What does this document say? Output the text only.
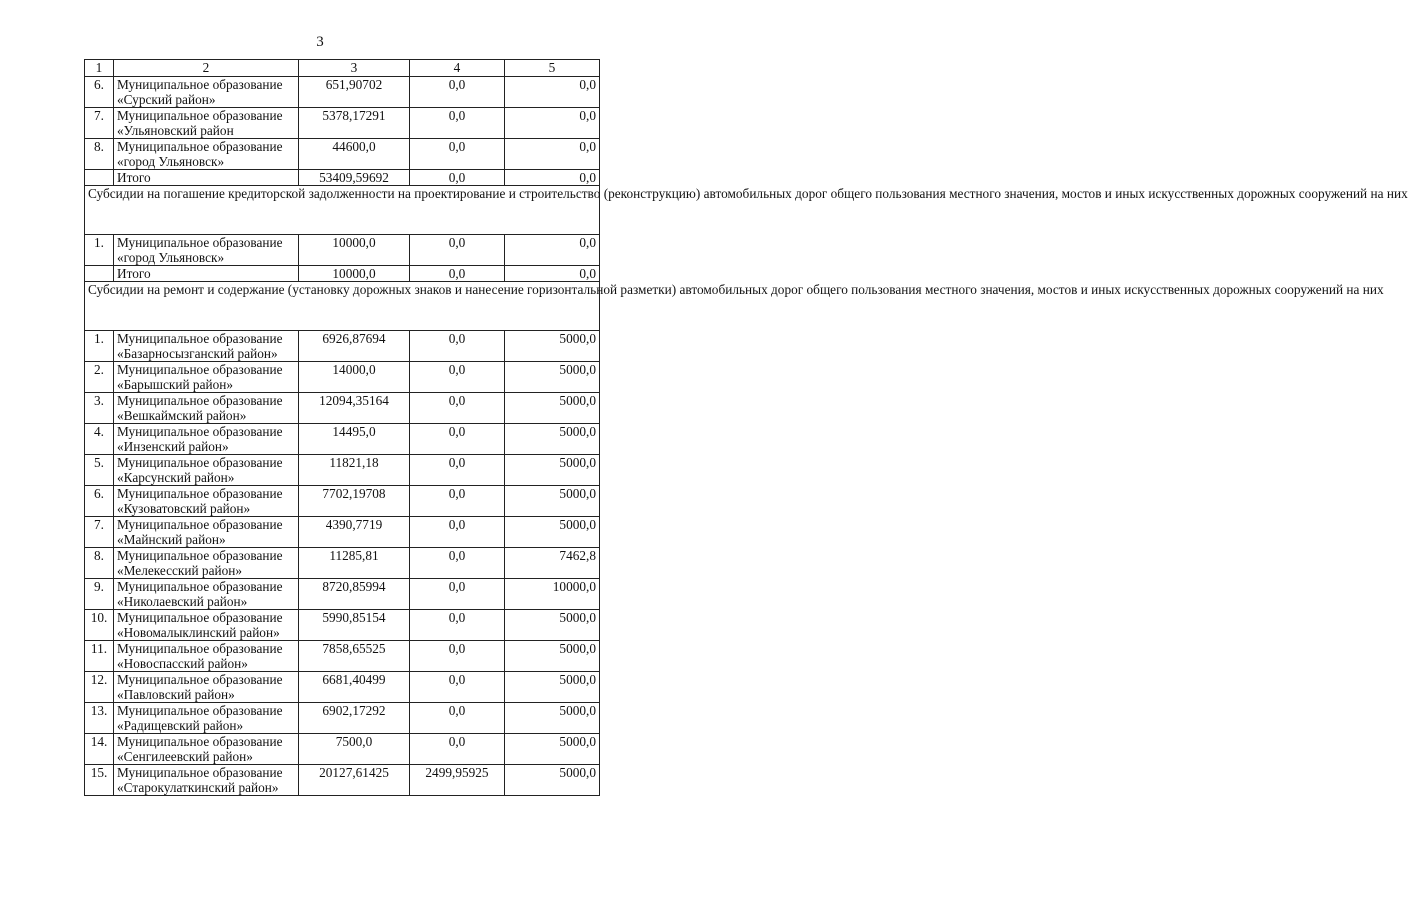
3
1	2	3	4	5
6.	Муниципальное образование
«Сурский район»	651,90702	0,0	0,0
7.	Муниципальное образование
«Ульяновский район	5378,17291	0,0	0,0
8.	Муниципальное образование
«город Ульяновск»	44600,0	0,0	0,0
	Итого	53409,59692	0,0	0,0
Субсидии на погашение кредиторской задолженности на проектирование и строительство (реконструкцию) автомобильных дорог общего пользования местного значения, мостов и иных искусственных дорожных сооружений на них				
1.	Муниципальное образование
«город Ульяновск»	10000,0	0,0	0,0
	Итого	10000,0	0,0	0,0
Субсидии на ремонт и содержание (установку дорожных знаков и нанесение горизонтальной разметки) автомобильных дорог общего пользования местного значения, мостов и иных искусственных дорожных сооружений на них				
1.	Муниципальное образование
«Базарносызганский район»	6926,87694	0,0	5000,0
2.	Муниципальное образование
«Барышский район»	14000,0	0,0	5000,0
3.	Муниципальное образование
«Вешкаймский район»	12094,35164	0,0	5000,0
4.	Муниципальное образование
«Инзенский район»	14495,0	0,0	5000,0
5.	Муниципальное образование
«Карсунский район»	11821,18	0,0	5000,0
6.	Муниципальное образование
«Кузоватовский район»	7702,19708	0,0	5000,0
7.	Муниципальное образование
«Майнский район»	4390,7719	0,0	5000,0
8.	Муниципальное образование
«Мелекесский район»	11285,81	0,0	7462,8
9.	Муниципальное образование
«Николаевский район»	8720,85994	0,0	10000,0
10.	Муниципальное образование
«Новомалыклинский район»	5990,85154	0,0	5000,0
11.	Муниципальное образование
«Новоспасский район»	7858,65525	0,0	5000,0
12.	Муниципальное образование
«Павловский район»	6681,40499	0,0	5000,0
13.	Муниципальное образование
«Радищевский район»	6902,17292	0,0	5000,0
14.	Муниципальное образование
«Сенгилеевский район»	7500,0	0,0	5000,0
15.	Муниципальное образование
«Старокулаткинский район»	20127,61425	2499,95925	5000,0
